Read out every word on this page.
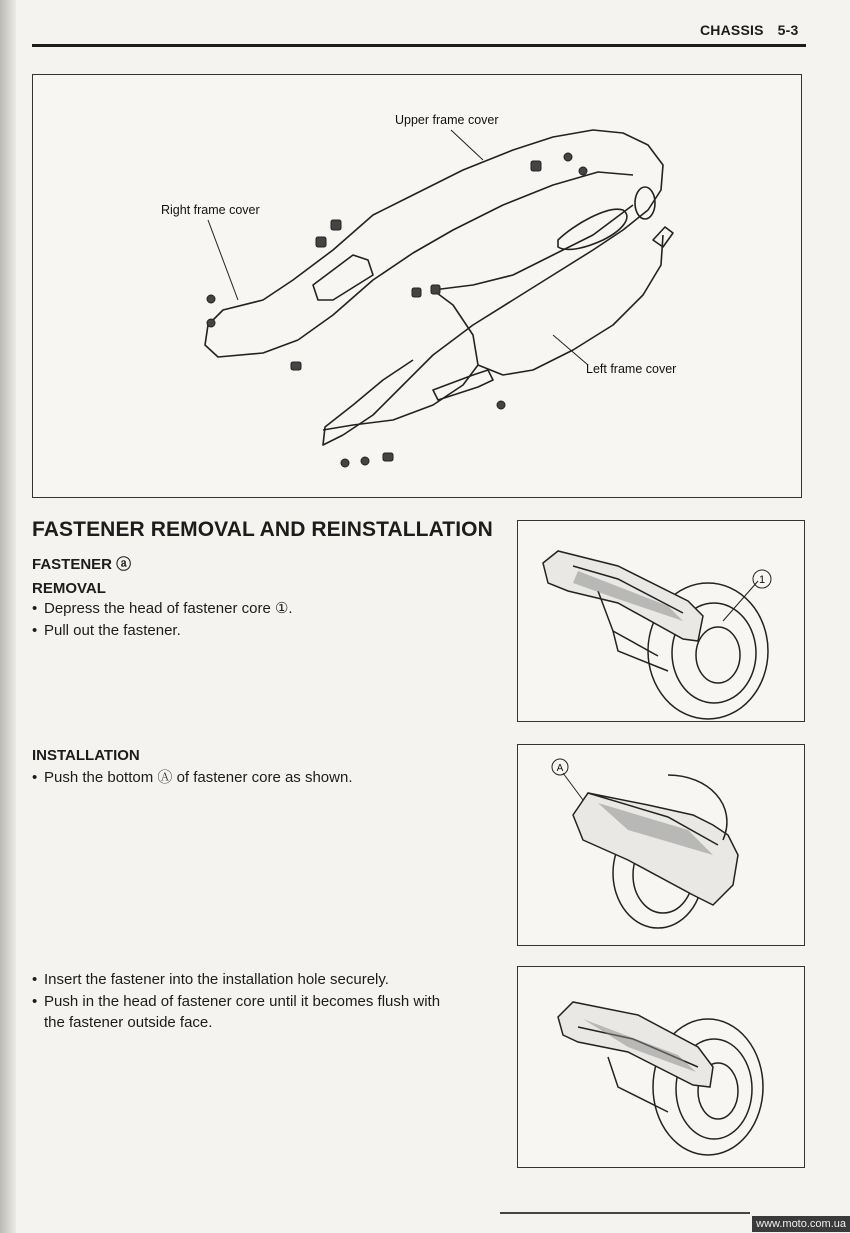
CHASSIS 5-3
Upper frame cover
Right frame cover
Left frame cover
FASTENER REMOVAL AND REINSTALLATION
FASTENER ⓐ
REMOVAL
• Depress the head of fastener core ①.
• Pull out the fastener.
INSTALLATION
• Push the bottom Ⓐ of fastener core as shown.
• Insert the fastener into the installation hole securely.
• Push in the head of fastener core until it becomes flush with
the fastener outside face.
1
A
www.moto.com.ua
